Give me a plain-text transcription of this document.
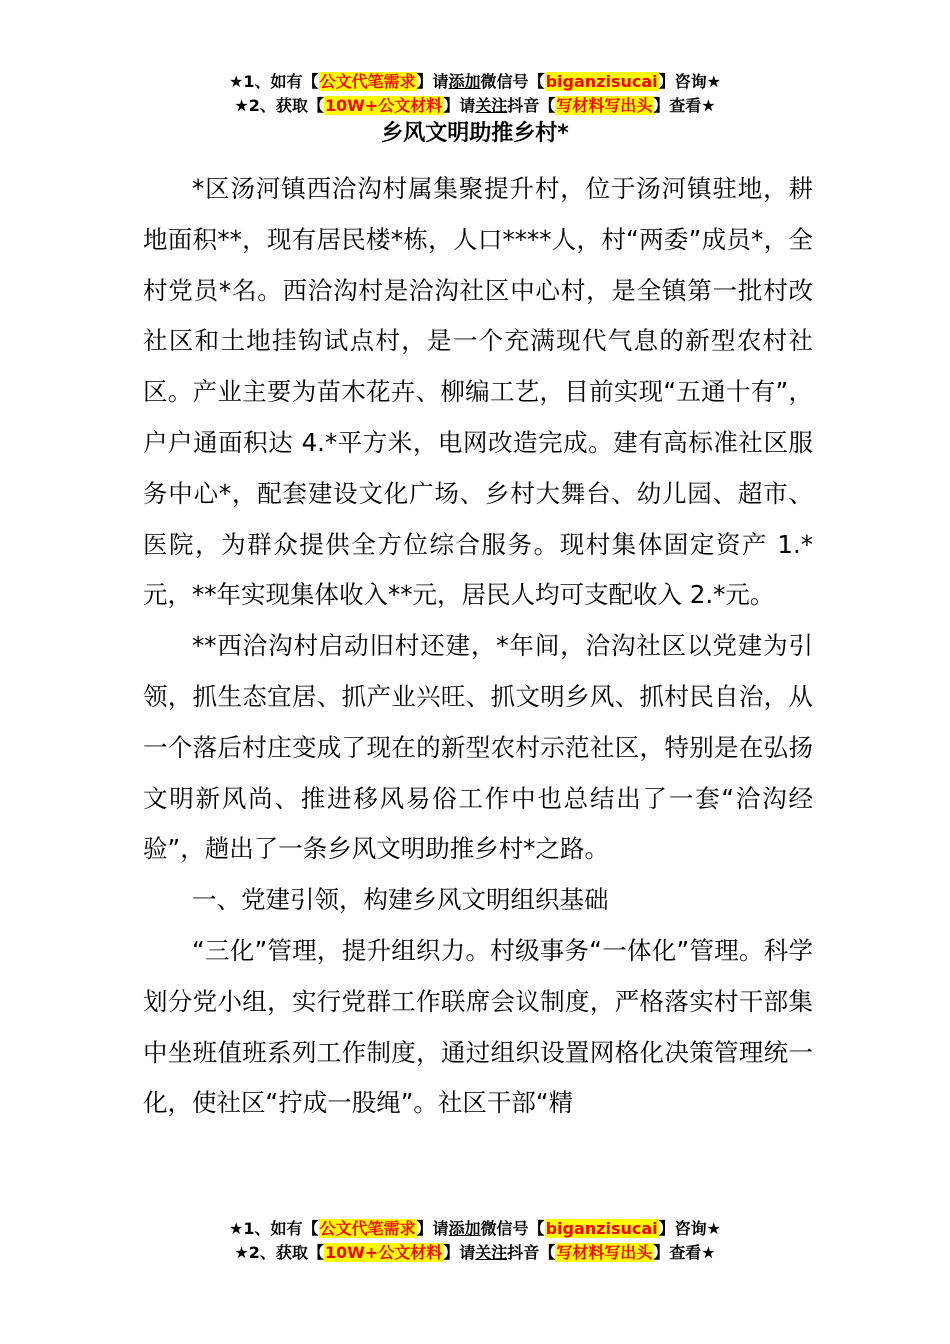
★1、如有【公文代笔需求】请添加微信号【biganzisucai】咨询★
★2、获取【10W+公文材料】请关注抖音【写材料写出头】查看★
乡风文明助推乡村*

*区汤河镇西洽沟村属集聚提升村，位于汤河镇驻地，耕地面积**，现有居民楼*栋，人口****人，村“两委”成员*，全村党员*名。西洽沟村是洽沟社区中心村，是全镇第一批村改社区和土地挂钩试点村，是一个充满现代气息的新型农村社区。产业主要为苗木花卉、柳编工艺，目前实现“五通十有”，户户通面积达 4.*平方米，电网改造完成。建有高标准社区服务中心*，配套建设文化广场、乡村大舞台、幼儿园、超市、医院，为群众提供全方位综合服务。现村集体固定资产 1.*元，**年实现集体收入**元，居民人均可支配收入 2.*元。

**西洽沟村启动旧村还建，*年间，洽沟社区以党建为引领，抓生态宜居、抓产业兴旺、抓文明乡风、抓村民自治，从一个落后村庄变成了现在的新型农村示范社区，特别是在弘扬文明新风尚、推进移风易俗工作中也总结出了一套“洽沟经验”，趟出了一条乡风文明助推乡村*之路。

一、党建引领，构建乡风文明组织基础

“三化”管理，提升组织力。村级事务“一体化”管理。科学划分党小组，实行党群工作联席会议制度，严格落实村干部集中坐班值班系列工作制度，通过组织设置网格化决策管理统一化，使社区“拧成一股绳”。社区干部“精

★1、如有【公文代笔需求】请添加微信号【biganzisucai】咨询★
★2、获取【10W+公文材料】请关注抖音【写材料写出头】查看★
